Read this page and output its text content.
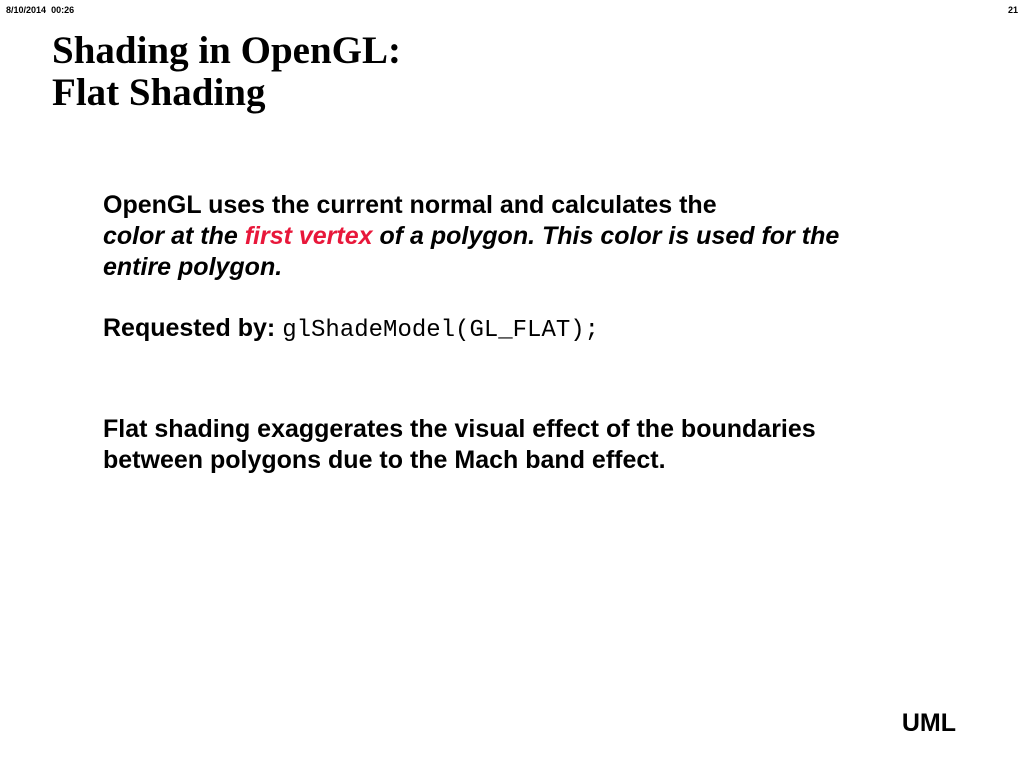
8/10/2014 00:26	21
Shading in OpenGL:
Flat Shading

OpenGL uses the current normal and calculates the
color at the first vertex of a polygon. This color is used for the entire polygon.

Requested by: glShadeModel(GL_FLAT);

Flat shading exaggerates the visual effect of the boundaries between polygons due to the Mach band effect.

UML
